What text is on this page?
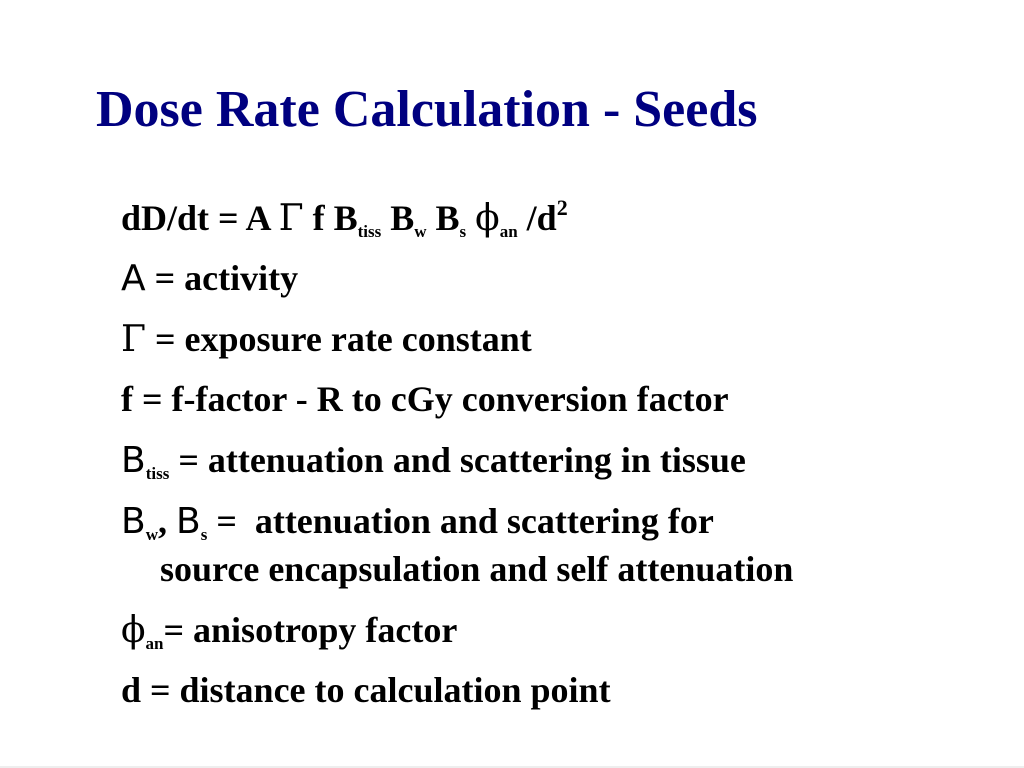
Dose Rate Calculation - Seeds
dD/dt = A Γ f $B_{tiss}$ $B_w$ $B_s$ $\phi_{an}$ $/d^2$
A = activity
Γ = exposure rate constant
f = f-factor - R to cGy conversion factor
$B_{tiss}$ = attenuation and scattering in tissue
$B_w$, $B_s$ =  attenuation and scattering for
source encapsulation and self attenuation
$\phi_{an}=$ anisotropy factor
d = distance to calculation point
